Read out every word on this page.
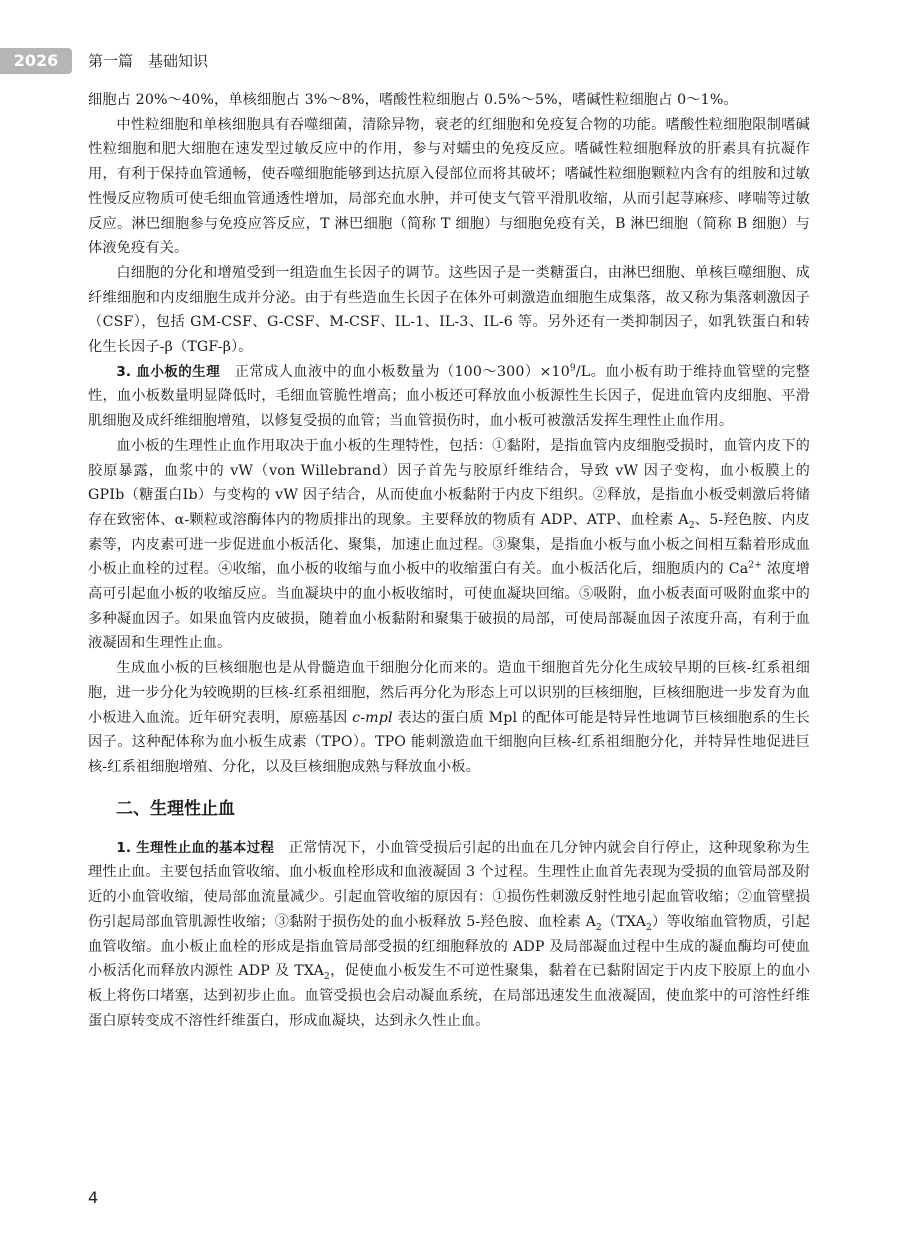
2026	第一篇　基础知识

细胞占 20%～40%，单核细胞占 3%～8%，嗜酸性粒细胞占 0.5%～5%，嗜碱性粒细胞占 0～1%。

中性粒细胞和单核细胞具有吞噬细菌，清除异物，衰老的红细胞和免疫复合物的功能。嗜酸性粒细胞限制嗜碱性粒细胞和肥大细胞在速发型过敏反应中的作用，参与对蠕虫的免疫反应。嗜碱性粒细胞释放的肝素具有抗凝作用，有利于保持血管通畅，使吞噬细胞能够到达抗原入侵部位而将其破坏；嗜碱性粒细胞颗粒内含有的组胺和过敏性慢反应物质可使毛细血管通透性增加，局部充血水肿，并可使支气管平滑肌收缩，从而引起荨麻疹、哮喘等过敏反应。淋巴细胞参与免疫应答反应，T 淋巴细胞（简称 T 细胞）与细胞免疫有关，B 淋巴细胞（简称 B 细胞）与体液免疫有关。

白细胞的分化和增殖受到一组造血生长因子的调节。这些因子是一类糖蛋白，由淋巴细胞、单核巨噬细胞、成纤维细胞和内皮细胞生成并分泌。由于有些造血生长因子在体外可刺激造血细胞生成集落，故又称为集落刺激因子（CSF），包括 GM-CSF、G-CSF、M-CSF、IL-1、IL-3、IL-6 等。另外还有一类抑制因子，如乳铁蛋白和转化生长因子-β（TGF-β）。

3. 血小板的生理　正常成人血液中的血小板数量为$(100\sim 300)\times 10^9/L$。血小板有助于维持血管壁的完整性，血小板数量明显降低时，毛细血管脆性增高；血小板还可释放血小板源性生长因子，促进血管内皮细胞、平滑肌细胞及成纤维细胞增殖，以修复受损的血管；当血管损伤时，血小板可被激活发挥生理性止血作用。

血小板的生理性止血作用取决于血小板的生理特性，包括：①黏附，是指血管内皮细胞受损时，血管内皮下的胶原暴露，血浆中的 vW（von Willebrand）因子首先与胶原纤维结合，导致 vW 因子变构，血小板膜上的 GPⅠb（糖蛋白Ⅰb）与变构的 vW 因子结合，从而使血小板黏附于内皮下组织。②释放，是指血小板受刺激后将储存在致密体、α-颗粒或溶酶体内的物质排出的现象。主要释放的物质有 ADP、ATP、血栓素 $A_2$、5-羟色胺、内皮素等，内皮素可进一步促进血小板活化、聚集，加速止血过程。③聚集，是指血小板与血小板之间相互黏着形成血小板止血栓的过程。④收缩，血小板的收缩与血小板中的收缩蛋白有关。血小板活化后，细胞质内的 $Ca^{2+}$ 浓度增高可引起血小板的收缩反应。当血凝块中的血小板收缩时，可使血凝块回缩。⑤吸附，血小板表面可吸附血浆中的多种凝血因子。如果血管内皮破损，随着血小板黏附和聚集于破损的局部，可使局部凝血因子浓度升高，有利于血液凝固和生理性止血。

生成血小板的巨核细胞也是从骨髓造血干细胞分化而来的。造血干细胞首先分化生成较早期的巨核-红系祖细胞，进一步分化为较晚期的巨核-红系祖细胞，然后再分化为形态上可以识别的巨核细胞，巨核细胞进一步发育为血小板进入血流。近年研究表明，原癌基因 c-mpl 表达的蛋白质 Mpl 的配体可能是特异性地调节巨核细胞系的生长因子。这种配体称为血小板生成素（TPO）。TPO 能刺激造血干细胞向巨核-红系祖细胞分化，并特异性地促进巨核-红系祖细胞增殖、分化，以及巨核细胞成熟与释放血小板。

二、生理性止血

1. 生理性止血的基本过程　正常情况下，小血管受损后引起的出血在几分钟内就会自行停止，这种现象称为生理性止血。主要包括血管收缩、血小板血栓形成和血液凝固 3 个过程。生理性止血首先表现为受损的血管局部及附近的小血管收缩，使局部血流量减少。引起血管收缩的原因有：①损伤性刺激反射性地引起血管收缩；②血管壁损伤引起局部血管肌源性收缩；③黏附于损伤处的血小板释放 5-羟色胺、血栓素 $A_2(TXA_2)$等收缩血管物质，引起血管收缩。血小板止血栓的形成是指血管局部受损的红细胞释放的 ADP 及局部凝血过程中生成的凝血酶均可使血小板活化而释放内源性 ADP 及 $TXA_2$，促使血小板发生不可逆性聚集，黏着在已黏附固定于内皮下胶原上的血小板上将伤口堵塞，达到初步止血。血管受损也会启动凝血系统，在局部迅速发生血液凝固，使血浆中的可溶性纤维蛋白原转变成不溶性纤维蛋白，形成血凝块，达到永久性止血。

4
